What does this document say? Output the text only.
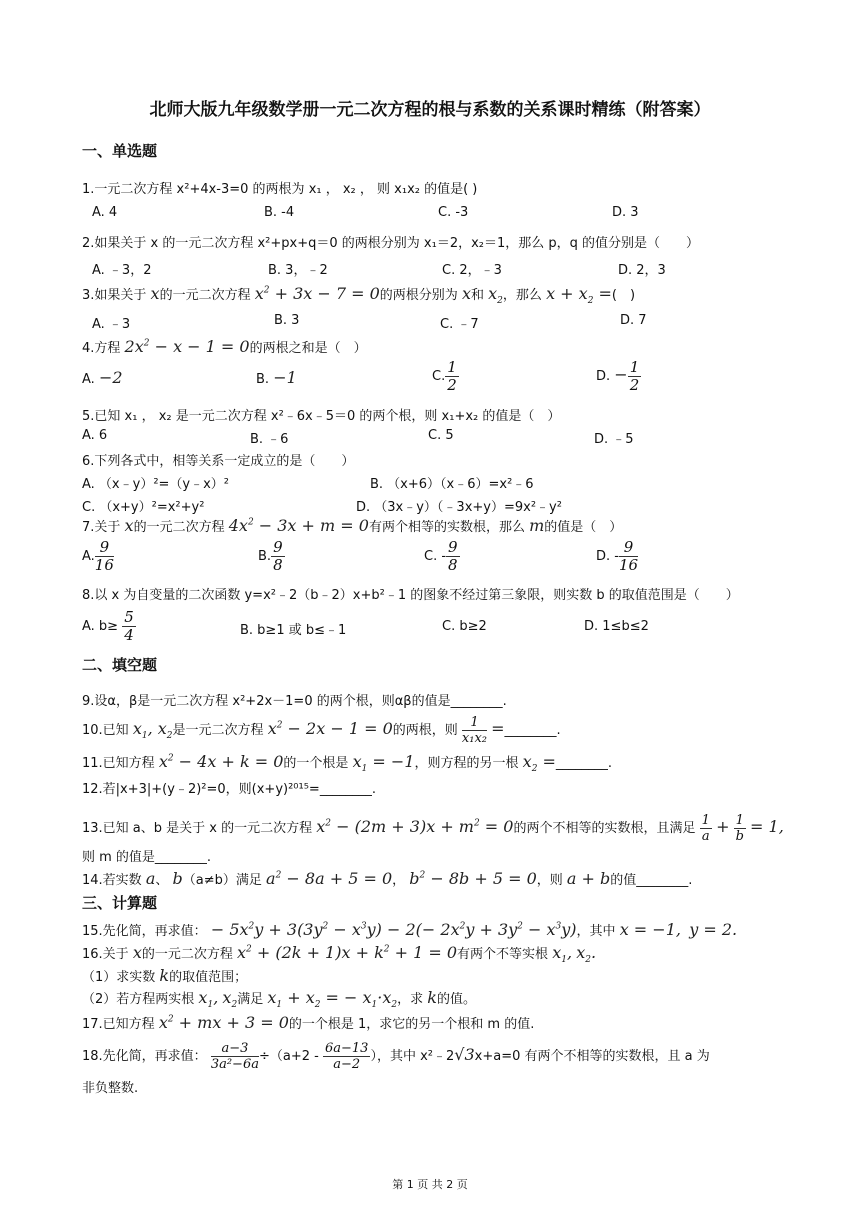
北师大版九年级数学册一元二次方程的根与系数的关系课时精练（附答案）
一、单选题
1.一元二次方程 x²+4x-3=0 的两根为 x₁ ， x₂ ， 则 x₁x₂ 的值是( )
A. 4	B. -4	C. -3	D. 3
2.如果关于 x 的一元二次方程 x²+px+q＝0 的两根分别为 x₁＝2，x₂＝1，那么 p，q 的值分别是（　　）
A. ﹣3，2	B. 3，﹣2	C. 2，﹣3	D. 2，3
3.如果关于 x的一元二次方程 $x^2 + 3x - 7 = 0$的两根分别为 x和 $x_2$，那么 $x + x_2$ =(　)
A. ﹣3	B. 3	C. ﹣7	D. 7
4.方程 $2x^2 - x - 1 = 0$的两根之和是（　）
A. −2	B. −1	C. $\frac{1}{2}$	D. − $\frac{1}{2}$
5.已知 x₁ ， x₂ 是一元二次方程 x²﹣6x﹣5＝0 的两个根，则 x₁+x₂ 的值是（　）
A. 6	B. ﹣6	C. 5	D. ﹣5
6.下列各式中，相等关系一定成立的是（　　）
A. （x﹣y）²=（y﹣x）²	B. （x+6）（x﹣6）=x²﹣6
C. （x+y）²=x²+y²	D. （3x﹣y）（﹣3x+y）=9x²﹣y²
7.关于 x的一元二次方程 $4x^2 - 3x + m = 0$有两个相等的实数根，那么 m的值是（　）
A. $\frac{9}{16}$	B. $\frac{9}{8}$	C. - $\frac{9}{8}$	D. - $\frac{9}{16}$
8.以 x 为自变量的二次函数 y=x²﹣2（b﹣2）x+b²﹣1 的图象不经过第三象限，则实数 b 的取值范围是（　　）
A. $b\ge \frac{5}{4}$	B. b≥1 或 b≤﹣1	C. b≥2	D. 1≤b≤2
二、填空题
9.设α，β是一元二次方程 x²+2x－1=0 的两个根，则αβ的值是________.
10.已知 $x_1$, $x_2$是一元二次方程 $x^2 - 2x - 1 = 0$的两根，则 $\frac{1}{\text{x₁x₂}}$ =________.
11.已知方程 $x^2 - 4x + k = 0$的一个根是 $x_1 = -1$，则方程的另一根 $x_2$ =________.
12.若|x+3|+(y﹣2)²=0，则(x+y)²⁰¹⁵=________.
13.已知 a、b 是关于 x 的一元二次方程 $x^2 - (2m + 3)x + m^2 = 0$的两个不相等的实数根，且满足 $\frac{1}{a} + \frac{1}{b} = 1$,
则 m 的值是________.
14.若实数 a、 b（a≠b）满足 $a^2 - 8a + 5 = 0$， $b^2 - 8b + 5 = 0$，则 a + b的值________.
三、计算题
15.先化简，再求值： − $5x^2y + 3(3y^2 - x^3y) - 2(- 2x^2y + 3y^2 - x^3y)$，其中 x = −1, y = 2.
16.关于 x的一元二次方程 $x^2 + (2k + 1)x + k^2 + 1 = 0$有两个不等实根 $x_1$, $x_2$.
（1）求实数 k的取值范围；
（2）若方程两实根 $x_1$, $x_2$满足 $x_1 + x_2$ = − $x_1\cdot x_2$，求 k的值。
17.已知方程 $x^2$ + mx + 3 = 0的一个根是 1，求它的另一个根和 m 的值.
18.先化简，再求值： $\frac{a-3}{\text{3a²−6a}} \div(a+2 - \frac{6a-13}{a-2}$ ），其中 x²﹣2√3x+a=0 有两个不相等的实数根，且 a 为
非负整数.
第 1 页 共 2 页
